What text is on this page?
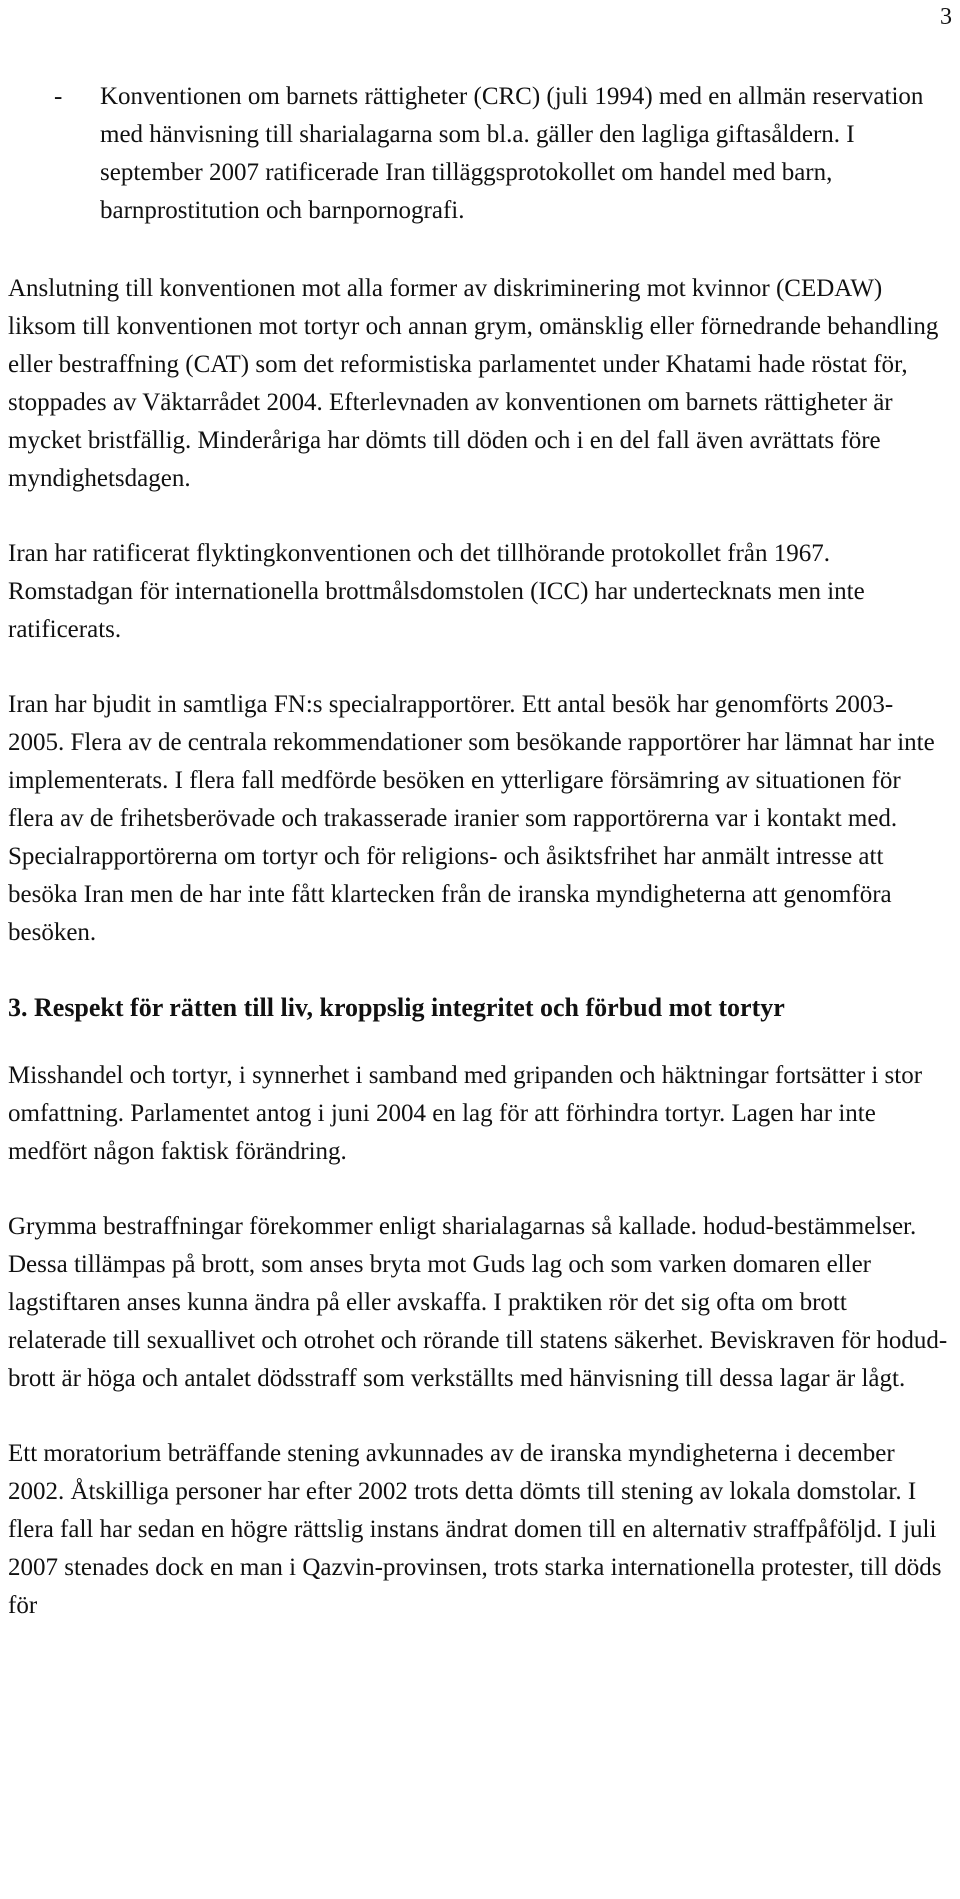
3
-	Konventionen om barnets rättigheter (CRC) (juli 1994) med en allmän reservation med hänvisning till sharialagarna som bl.a. gäller den lagliga giftasåldern. I september 2007 ratificerade Iran tilläggsprotokollet om handel med barn, barnprostitution och barnpornografi.

Anslutning till konventionen mot alla former av diskriminering mot kvinnor (CEDAW) liksom till konventionen mot tortyr och annan grym, omänsklig eller förnedrande behandling eller bestraffning (CAT) som det reformistiska parlamentet under Khatami hade röstat för, stoppades av Väktarrådet 2004. Efterlevnaden av konventionen om barnets rättigheter är mycket bristfällig. Minderåriga har dömts till döden och i en del fall även avrättats före myndighetsdagen.

Iran har ratificerat flyktingkonventionen och det tillhörande protokollet från 1967. Romstadgan för internationella brottmålsdomstolen (ICC) har undertecknats men inte ratificerats.

Iran har bjudit in samtliga FN:s specialrapportörer. Ett antal besök har genomförts 2003-2005. Flera av de centrala rekommendationer som besökande rapportörer har lämnat har inte implementerats. I flera fall medförde besöken en ytterligare försämring av situationen för flera av de frihetsberövade och trakasserade iranier som rapportörerna var i kontakt med. Specialrapportörerna om tortyr och för religions- och åsiktsfrihet har anmält intresse att besöka Iran men de har inte fått klartecken från de iranska myndigheterna att genomföra besöken.

3. Respekt för rätten till liv, kroppslig integritet och förbud mot tortyr

Misshandel och tortyr, i synnerhet i samband med gripanden och häktningar fortsätter i stor omfattning. Parlamentet antog i juni 2004 en lag för att förhindra tortyr. Lagen har inte medfört någon faktisk förändring.

Grymma bestraffningar förekommer enligt sharialagarnas så kallade. hodud-bestämmelser. Dessa tillämpas på brott, som anses bryta mot Guds lag och som varken domaren eller lagstiftaren anses kunna ändra på eller avskaffa. I praktiken rör det sig ofta om brott relaterade till sexuallivet och otrohet och rörande till statens säkerhet. Beviskraven för hodud-brott är höga och antalet dödsstraff som verkställts med hänvisning till dessa lagar är lågt.

Ett moratorium beträffande stening avkunnades av de iranska myndigheterna i december 2002. Åtskilliga personer har efter 2002 trots detta dömts till stening av lokala domstolar. I flera fall har sedan en högre rättslig instans ändrat domen till en alternativ straffpåföljd. I juli 2007 stenades dock en man i Qazvin-provinsen, trots starka internationella protester, till döds för
